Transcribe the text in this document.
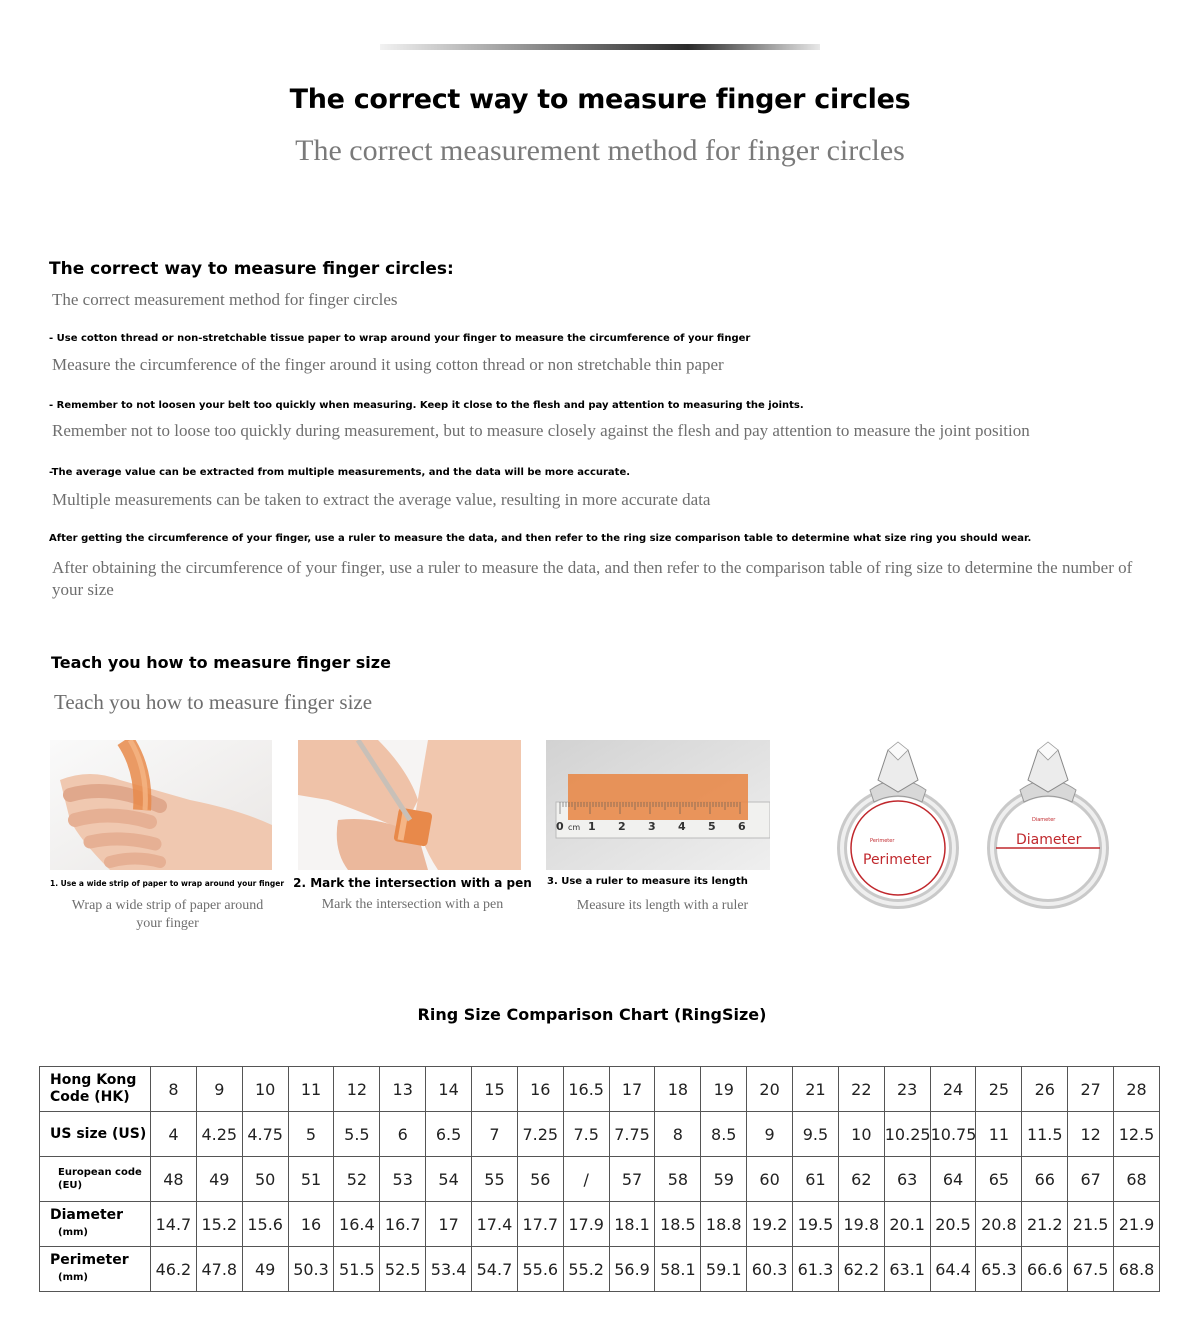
The correct way to measure finger circles
The correct measurement method for finger circles
The correct way to measure finger circles:
The correct measurement method for finger circles
- Use cotton thread or non-stretchable tissue paper to wrap around your finger to measure the circumference of your finger
Measure the circumference of the finger around it using cotton thread or non stretchable thin paper
- Remember to not loosen your belt too quickly when measuring. Keep it close to the flesh and pay attention to measuring the joints.
Remember not to loose too quickly during measurement, but to measure closely against the flesh and pay attention to measure the joint position
-The average value can be extracted from multiple measurements, and the data will be more accurate.
Multiple measurements can be taken to extract the average value, resulting in more accurate data
After getting the circumference of your finger, use a ruler to measure the data, and then refer to the ring size comparison table to determine what size ring you should wear.
After obtaining the circumference of your finger, use a ruler to measure the data, and then refer to the comparison table of ring size to determine the number of your size
Teach you how to measure finger size
Teach you how to measure finger size
0 cm 1 2 3 4 5 6
Perimeter
Perimeter
Diameter
Diameter
1. Use a wide strip of paper to wrap around your finger
Wrap a wide strip of paper around your finger
2. Mark the intersection with a pen
Mark the intersection with a pen
3. Use a ruler to measure its length
Measure its length with a ruler
Ring Size Comparison Chart (RingSize)
Hong Kong Code (HK)	8	9	10	11	12	13	14	15	16	16.5	17	18	19	20	21	22	23	24	25	26	27	28

US size (US)	4	4.25	4.75	5	5.5	6	6.5	7	7.25	7.5	7.75	8	8.5	9	9.5	10	10.25	10.75	11	11.5	12	12.5

European code
(EU)	48	49	50	51	52	53	54	55	56	/	57	58	59	60	61	62	63	64	65	66	67	68

Diameter
(mm)	14.7	15.2	15.6	16	16.4	16.7	17	17.4	17.7	17.9	18.1	18.5	18.8	19.2	19.5	19.8	20.1	20.5	20.8	21.2	21.5	21.9

Perimeter
(mm)	46.2	47.8	49	50.3	51.5	52.5	53.4	54.7	55.6	55.2	56.9	58.1	59.1	60.3	61.3	62.2	63.1	64.4	65.3	66.6	67.5	68.8
